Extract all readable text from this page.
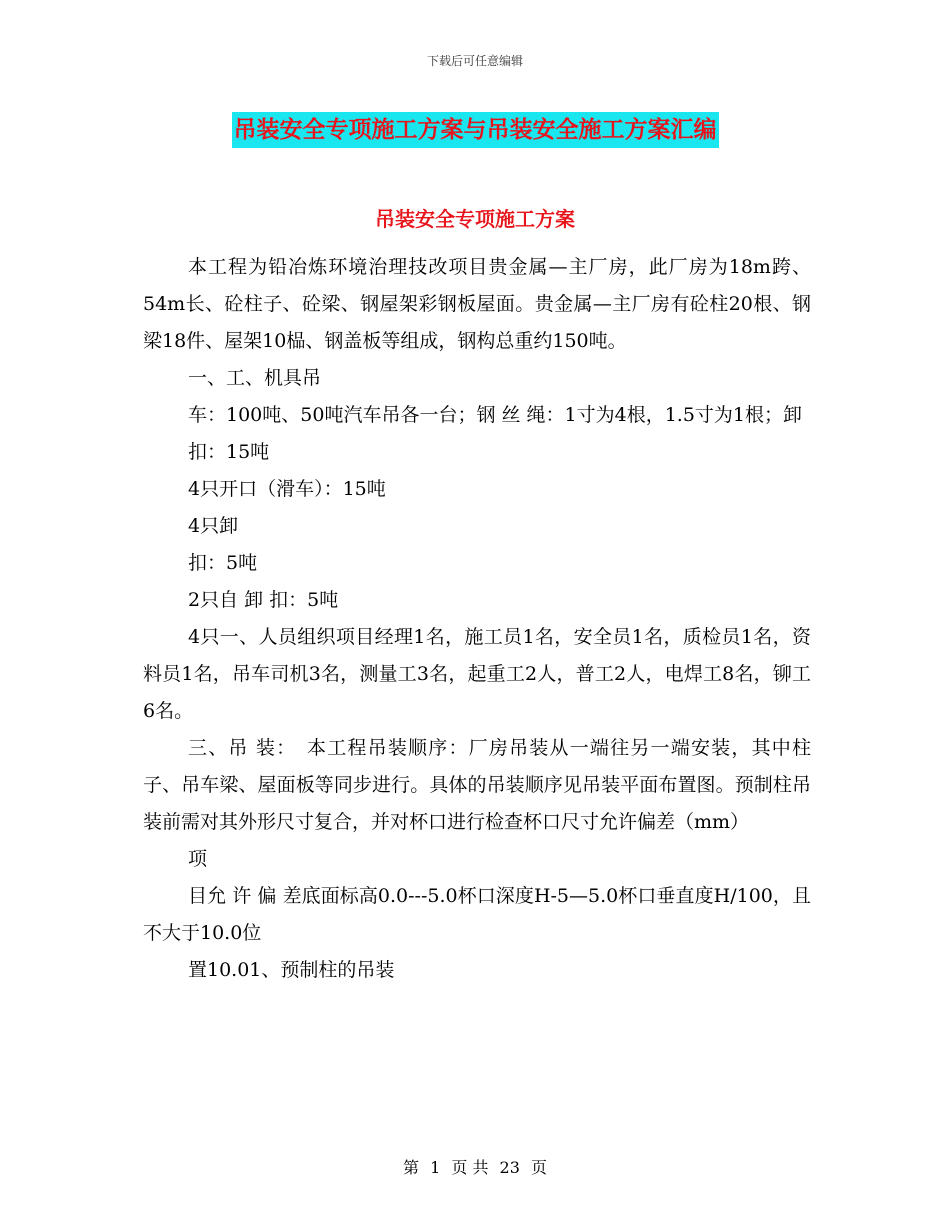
下载后可任意编辑
吊装安全专项施工方案与吊装安全施工方案汇编
吊装安全专项施工方案

本工程为铅冶炼环境治理技改项目贵金属—主厂房，此厂房为18m跨、54m长、砼柱子、砼梁、钢屋架彩钢板屋面。贵金属—主厂房有砼柱20根、钢梁18件、屋架10榀、钢盖板等组成，钢构总重约150吨。

一、工、机具吊

车：100吨、50吨汽车吊各一台；钢 丝 绳：1寸为4根，1.5寸为1根；卸

扣：15吨

4只开口（滑车）：15吨

4只卸

扣：5吨

2只自 卸 扣：5吨

4只一、人员组织项目经理1名，施工员1名，安全员1名，质检员1名，资料员1名，吊车司机3名，测量工3名，起重工2人，普工2人，电焊工8名，铆工6名。

三、吊 装：　本工程吊装顺序：厂房吊装从一端往另一端安装，其中柱子、吊车梁、屋面板等同步进行。具体的吊装顺序见吊装平面布置图。预制柱吊装前需对其外形尺寸复合，并对杯口进行检查杯口尺寸允许偏差（mm）

项

目允 许 偏 差底面标高0.0---5.0杯口深度H-5—5.0杯口垂直度H/100，且不大于10.0位

置10.01、预制柱的吊装

第 1 页 共 23 页
